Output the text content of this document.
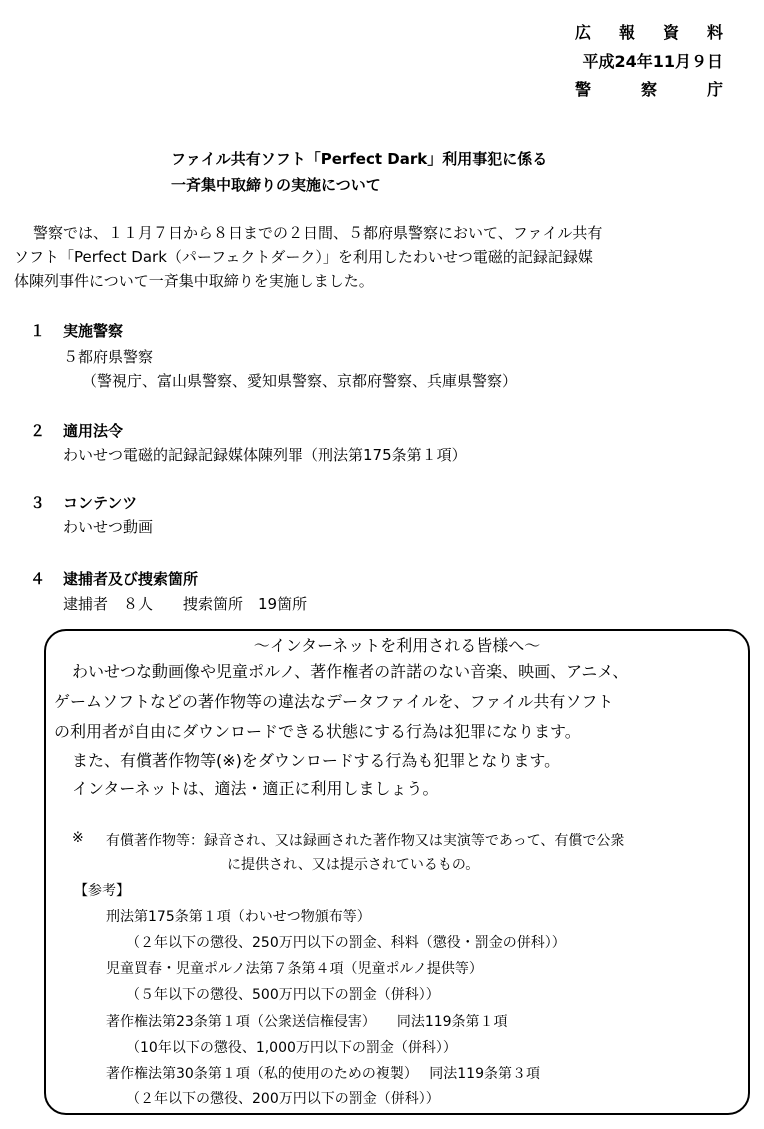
広 報 資 料
平成24年11月９日
警	察	庁
ファイル共有ソフト「Perfect Dark」利用事犯に係る
一斉集中取締りの実施について
警察では、１１月７日から８日までの２日間、５都府県警察において、ファイル共有
ソフト「Perfect Dark（パーフェクトダーク）」を利用したわいせつ電磁的記録記録媒
体陳列事件について一斉集中取締りを実施しました。
１ 実施警察
５都府県警察
（警視庁、富山県警察、愛知県警察、京都府警察、兵庫県警察）
２ 適用法令
わいせつ電磁的記録記録媒体陳列罪（刑法第175条第１項）
３ コンテンツ
わいせつ動画
４ 逮捕者及び捜索箇所
逮捕者　８人　　捜索箇所　19箇所
～インターネットを利用される皆様へ～
わいせつな動画像や児童ポルノ、著作権者の許諾のない音楽、映画、アニメ、
ゲームソフトなどの著作物等の違法なデータファイルを、ファイル共有ソフト
の利用者が自由にダウンロードできる状態にする行為は犯罪になります。
また、有償著作物等(※)をダウンロードする行為も犯罪となります。
インターネットは、適法・適正に利用しましょう。
※ 有償著作物等：録音され、又は録画された著作物又は実演等であって、有償で公衆
に提供され、又は提示されているもの。
【参考】
刑法第175条第１項（わいせつ物頒布等）
（２年以下の懲役、250万円以下の罰金、科料（懲役・罰金の併科））
児童買春・児童ポルノ法第７条第４項（児童ポルノ提供等）
（５年以下の懲役、500万円以下の罰金（併科））
著作権法第23条第１項（公衆送信権侵害）　　同法119条第１項
（10年以下の懲役、1,000万円以下の罰金（併科））
著作権法第30条第１項（私的使用のための複製）　 同法119条第３項
（２年以下の懲役、200万円以下の罰金（併科））
